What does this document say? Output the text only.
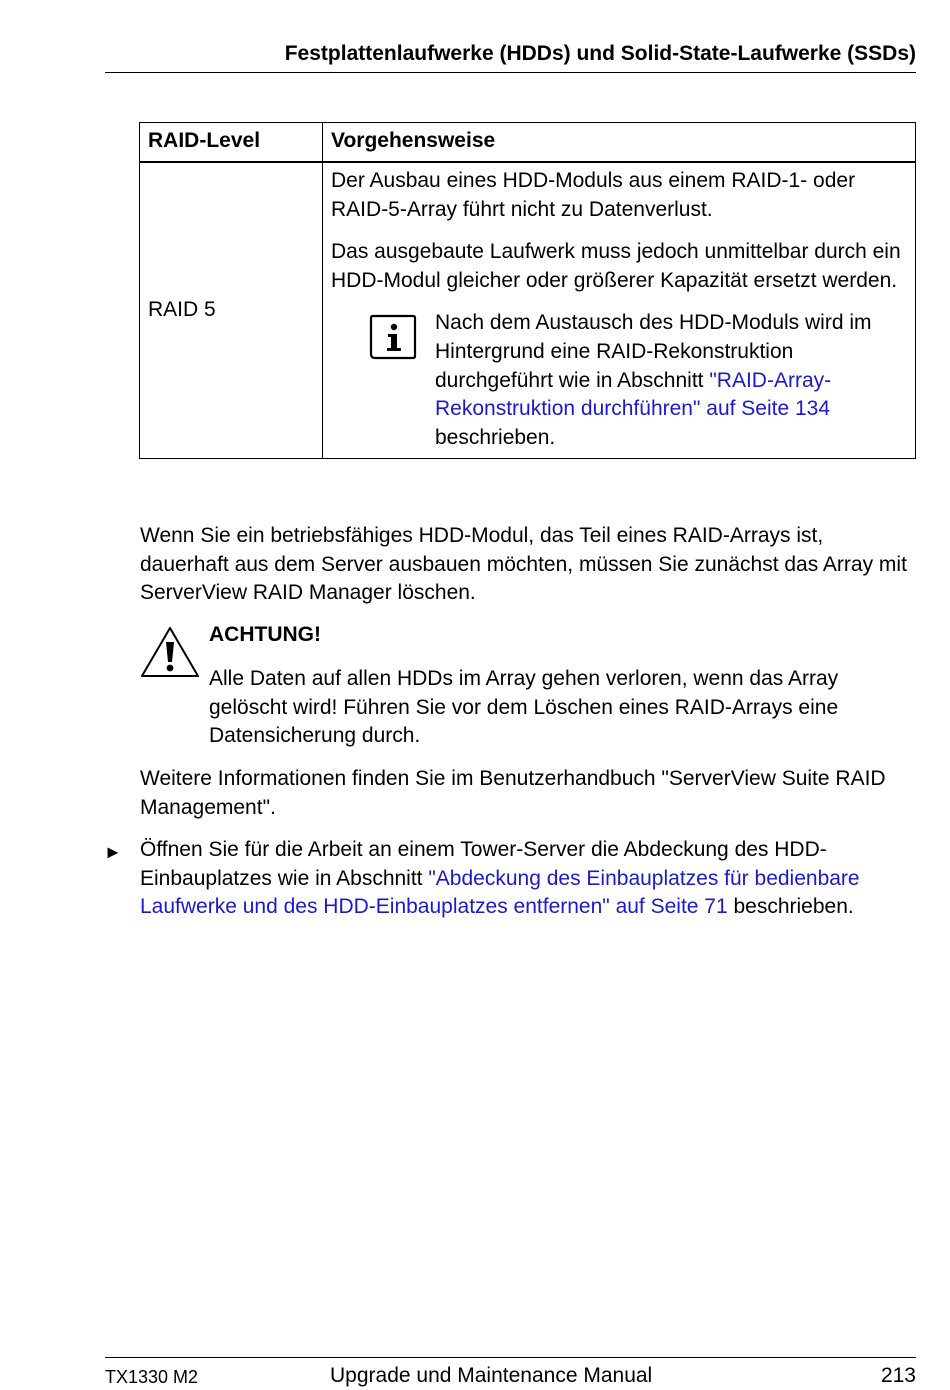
Festplattenlaufwerke (HDDs) und Solid-State-Laufwerke (SSDs)
RAID-Level	Vorgehensweise
RAID 5	Der Ausbau eines HDD-Moduls aus einem RAID-1- oder RAID-5-Array führt nicht zu Datenverlust.

Das ausgebaute Laufwerk muss jedoch unmittelbar durch ein HDD-Modul gleicher oder größerer Kapazität ersetzt werden.

Nach dem Austausch des HDD-Moduls wird im Hintergrund eine RAID-Rekonstruktion durchgeführt wie in Abschnitt "RAID-Array-Rekonstruktion durchführen" auf Seite 134 beschrieben.

Wenn Sie ein betriebsfähiges HDD-Modul, das Teil eines RAID-Arrays ist, dauerhaft aus dem Server ausbauen möchten, müssen Sie zunächst das Array mit ServerView RAID Manager löschen.

ACHTUNG!

Alle Daten auf allen HDDs im Array gehen verloren, wenn das Array gelöscht wird! Führen Sie vor dem Löschen eines RAID-Arrays eine Datensicherung durch.

Weitere Informationen finden Sie im Benutzerhandbuch "ServerView Suite RAID Management".

► Öffnen Sie für die Arbeit an einem Tower-Server die Abdeckung des HDD-Einbauplatzes wie in Abschnitt "Abdeckung des Einbauplatzes für bedienbare Laufwerke und des HDD-Einbauplatzes entfernen" auf Seite 71 beschrieben.

TX1330 M2	Upgrade und Maintenance Manual	213
